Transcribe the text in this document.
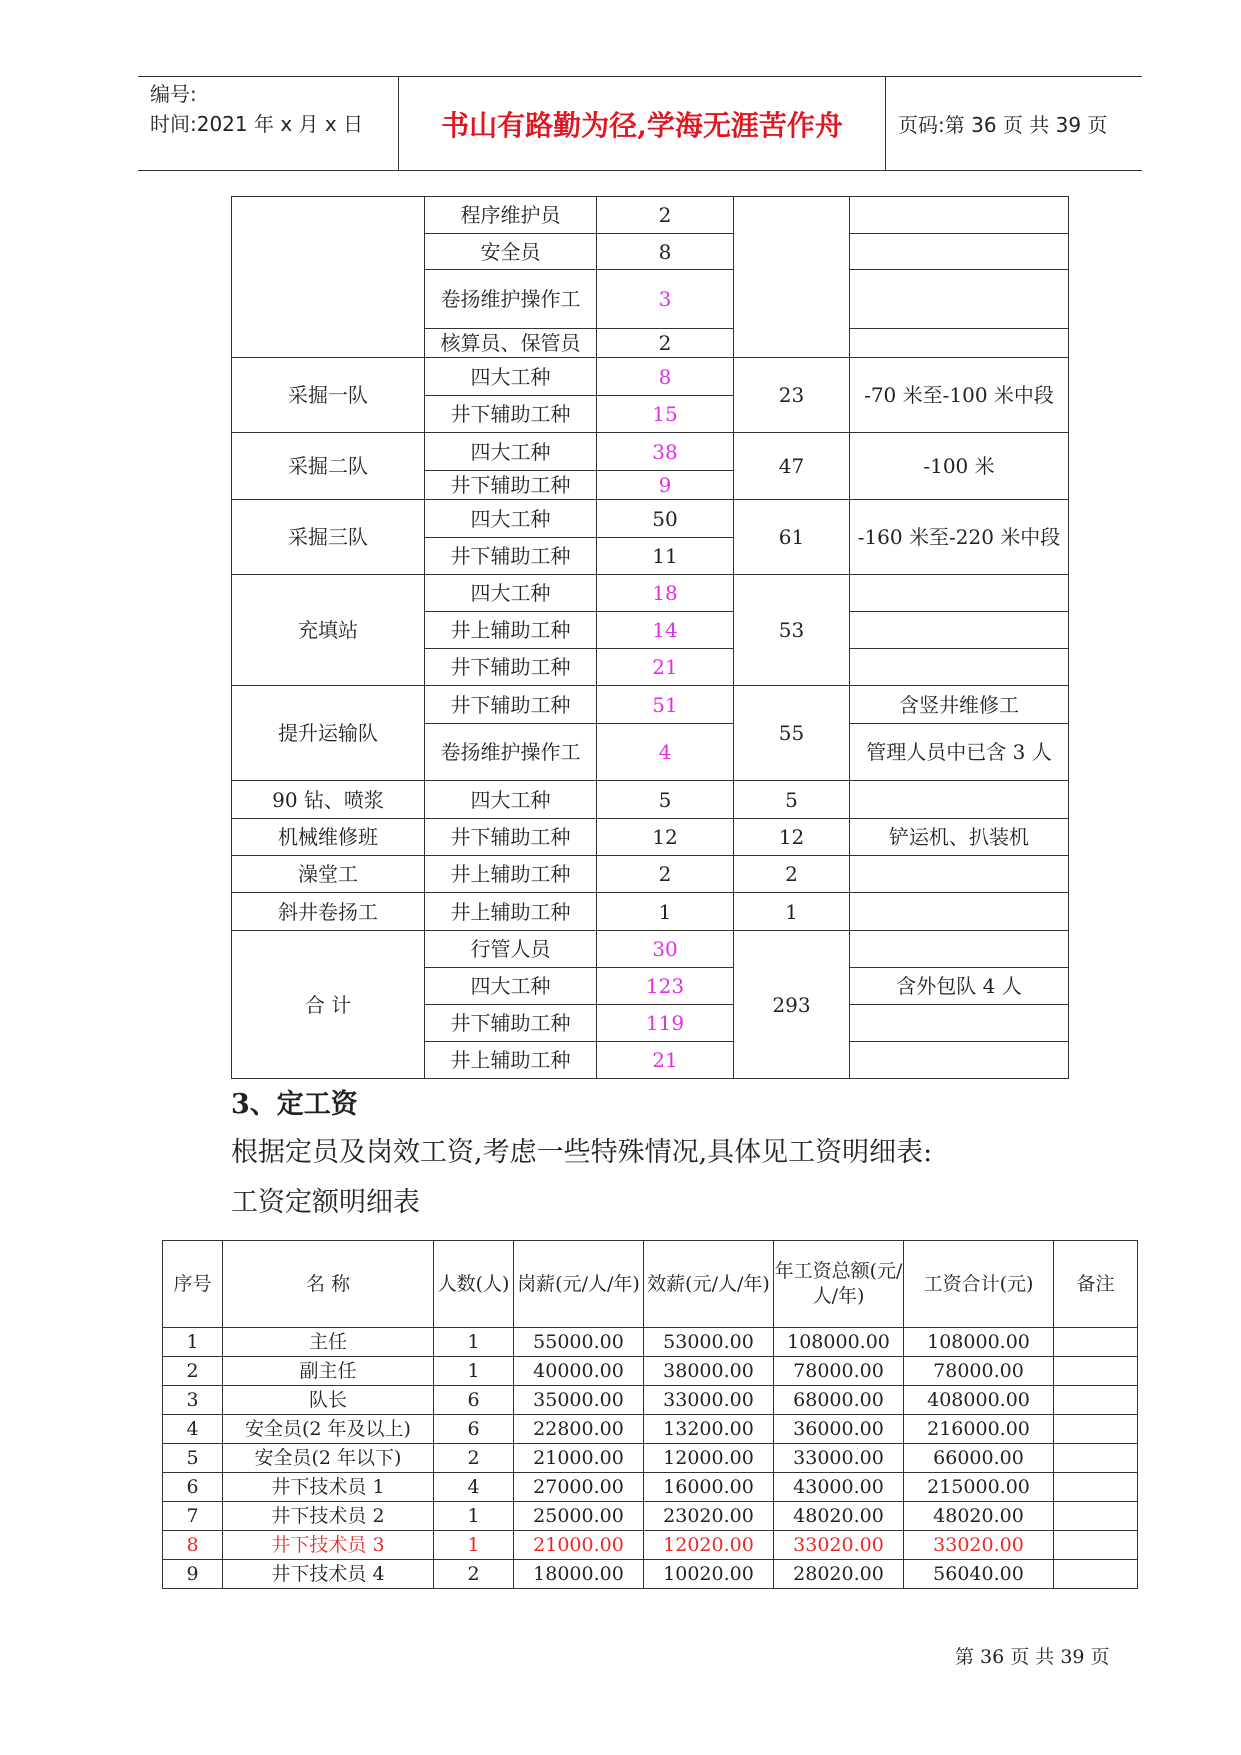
编号:
时间:2021 年 x 月 x 日	书山有路勤为径,学海无涯苦作舟	页码:第 36 页 共 39 页
	程序维护员	2		
	安全员	8		
	卷扬维护操作工	3		
	核算员、保管员	2		
采掘一队	四大工种	8	23	-70 米至-100 米中段
	井下辅助工种	15		
采掘二队	四大工种	38	47	-100 米
	井下辅助工种	9		
采掘三队	四大工种	50	61	-160 米至-220 米中段
	井下辅助工种	11		
充填站	四大工种	18	53	
	井上辅助工种	14		
	井下辅助工种	21		
提升运输队	井下辅助工种	51	55	含竖井维修工
	卷扬维护操作工	4		管理人员中已含 3 人
90 钻、喷浆	四大工种	5	5	
机械维修班	井下辅助工种	12	12	铲运机、扒装机
澡堂工	井上辅助工种	2	2	
斜井卷扬工	井上辅助工种	1	1	
合 计	行管人员	30	293	
	四大工种	123		含外包队 4 人
	井下辅助工种	119		
	井上辅助工种	21		
3、定工资
根据定员及岗效工资,考虑一些特殊情况,具体见工资明细表:
工资定额明细表
序号	名 称	人数(人)	岗薪(元/人/年)	效薪(元/人/年)	年工资总额(元/人/年)	工资合计(元)	备注
1	主任	1	55000.00	53000.00	108000.00	108000.00	
2	副主任	1	40000.00	38000.00	78000.00	78000.00	
3	队长	6	35000.00	33000.00	68000.00	408000.00	
4	安全员(2 年及以上)	6	22800.00	13200.00	36000.00	216000.00	
5	安全员(2 年以下)	2	21000.00	12000.00	33000.00	66000.00	
6	井下技术员 1	4	27000.00	16000.00	43000.00	215000.00	
7	井下技术员 2	1	25000.00	23020.00	48020.00	48020.00	
8	井下技术员 3	1	21000.00	12020.00	33020.00	33020.00	
9	井下技术员 4	2	18000.00	10020.00	28020.00	56040.00	
第 36 页 共 39 页
